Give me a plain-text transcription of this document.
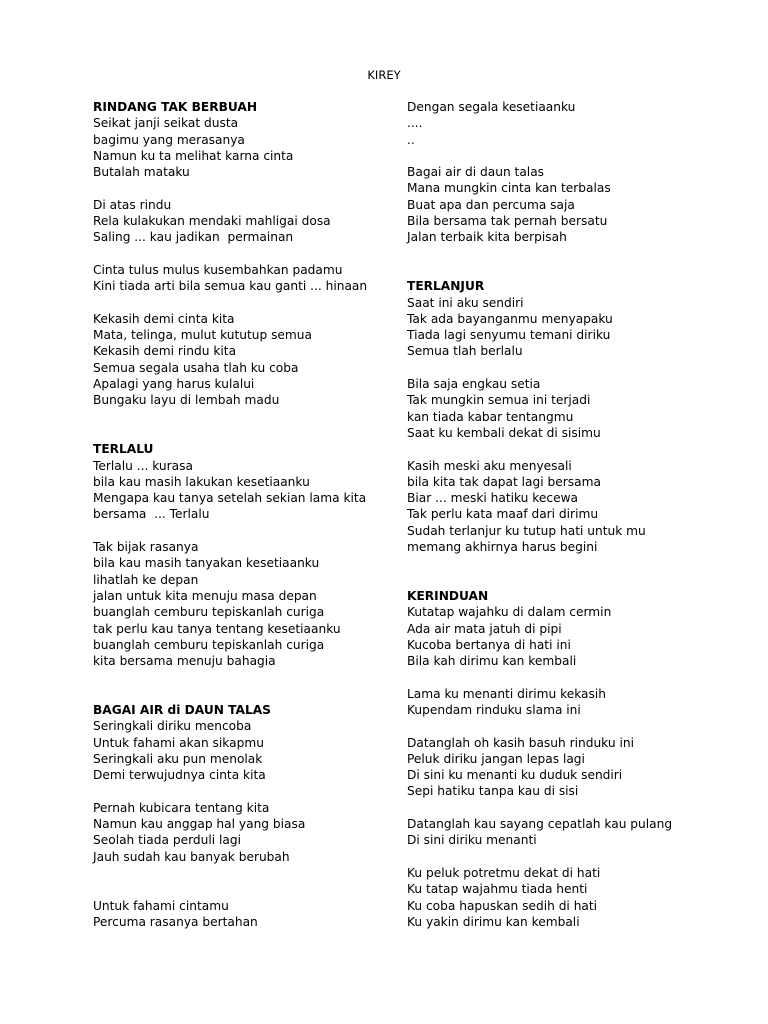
KIREY
RINDANG TAK BERBUAH
Seikat janji seikat dusta
bagimu yang merasanya
Namun ku ta melihat karna cinta
Butalah mataku
Di atas rindu
Rela kulakukan mendaki mahligai dosa
Saling ... kau jadikan  permainan
Cinta tulus mulus kusembahkan padamu
Kini tiada arti bila semua kau ganti ... hinaan
Kekasih demi cinta kita
Mata, telinga, mulut kututup semua
Kekasih demi rindu kita
Semua segala usaha tlah ku coba
Apalagi yang harus kulalui
Bungaku layu di lembah madu
TERLALU
Terlalu ... kurasa
bila kau masih lakukan kesetiaanku
Mengapa kau tanya setelah sekian lama kita
bersama  ... Terlalu
Tak bijak rasanya
bila kau masih tanyakan kesetiaanku
lihatlah ke depan
jalan untuk kita menuju masa depan
buanglah cemburu tepiskanlah curiga
tak perlu kau tanya tentang kesetiaanku
buanglah cemburu tepiskanlah curiga
kita bersama menuju bahagia
BAGAI AIR di DAUN TALAS
Seringkali diriku mencoba
Untuk fahami akan sikapmu
Seringkali aku pun menolak
Demi terwujudnya cinta kita
Pernah kubicara tentang kita
Namun kau anggap hal yang biasa
Seolah tiada perduli lagi
Jauh sudah kau banyak berubah
Untuk fahami cintamu
Percuma rasanya bertahan
Dengan segala kesetiaanku
....
..
Bagai air di daun talas
Mana mungkin cinta kan terbalas
Buat apa dan percuma saja
Bila bersama tak pernah bersatu
Jalan terbaik kita berpisah
TERLANJUR
Saat ini aku sendiri
Tak ada bayanganmu menyapaku
Tiada lagi senyumu temani diriku
Semua tlah berlalu
Bila saja engkau setia
Tak mungkin semua ini terjadi
kan tiada kabar tentangmu
Saat ku kembali dekat di sisimu
Kasih meski aku menyesali
bila kita tak dapat lagi bersama
Biar ... meski hatiku kecewa
Tak perlu kata maaf dari dirimu
Sudah terlanjur ku tutup hati untuk mu
memang akhirnya harus begini
KERINDUAN
Kutatap wajahku di dalam cermin
Ada air mata jatuh di pipi
Kucoba bertanya di hati ini
Bila kah dirimu kan kembali
Lama ku menanti dirimu kekasih
Kupendam rinduku slama ini
Datanglah oh kasih basuh rinduku ini
Peluk diriku jangan lepas lagi
Di sini ku menanti ku duduk sendiri
Sepi hatiku tanpa kau di sisi
Datanglah kau sayang cepatlah kau pulang
Di sini diriku menanti
Ku peluk potretmu dekat di hati
Ku tatap wajahmu tiada henti
Ku coba hapuskan sedih di hati
Ku yakin dirimu kan kembali
